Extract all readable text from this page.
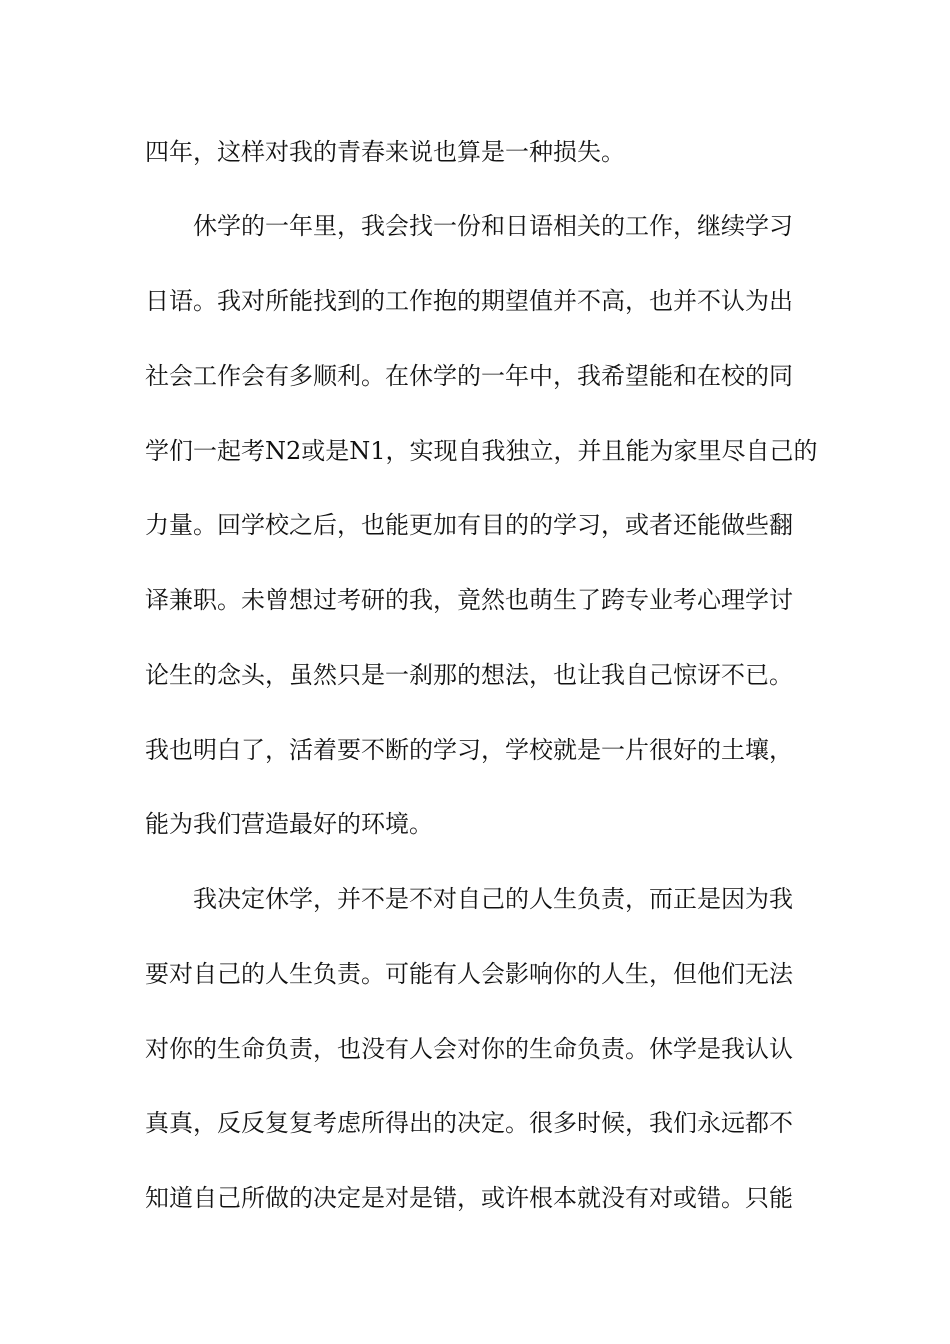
四年，这样对我的青春来说也算是一种损失。
休学的一年里，我会找一份和日语相关的工作，继续学习
日语。我对所能找到的工作抱的期望值并不高，也并不认为出
社会工作会有多顺利。在休学的一年中，我希望能和在校的同
学们一起考N2或是N1，实现自我独立，并且能为家里尽自己的
力量。回学校之后，也能更加有目的的学习，或者还能做些翻
译兼职。未曾想过考研的我，竟然也萌生了跨专业考心理学讨
论生的念头，虽然只是一刹那的想法，也让我自己惊讶不已。
我也明白了，活着要不断的学习，学校就是一片很好的土壤，
能为我们营造最好的环境。
我决定休学，并不是不对自己的人生负责，而正是因为我
要对自己的人生负责。可能有人会影响你的人生，但他们无法
对你的生命负责，也没有人会对你的生命负责。休学是我认认
真真，反反复复考虑所得出的决定。很多时候，我们永远都不
知道自己所做的决定是对是错，或许根本就没有对或错。只能
